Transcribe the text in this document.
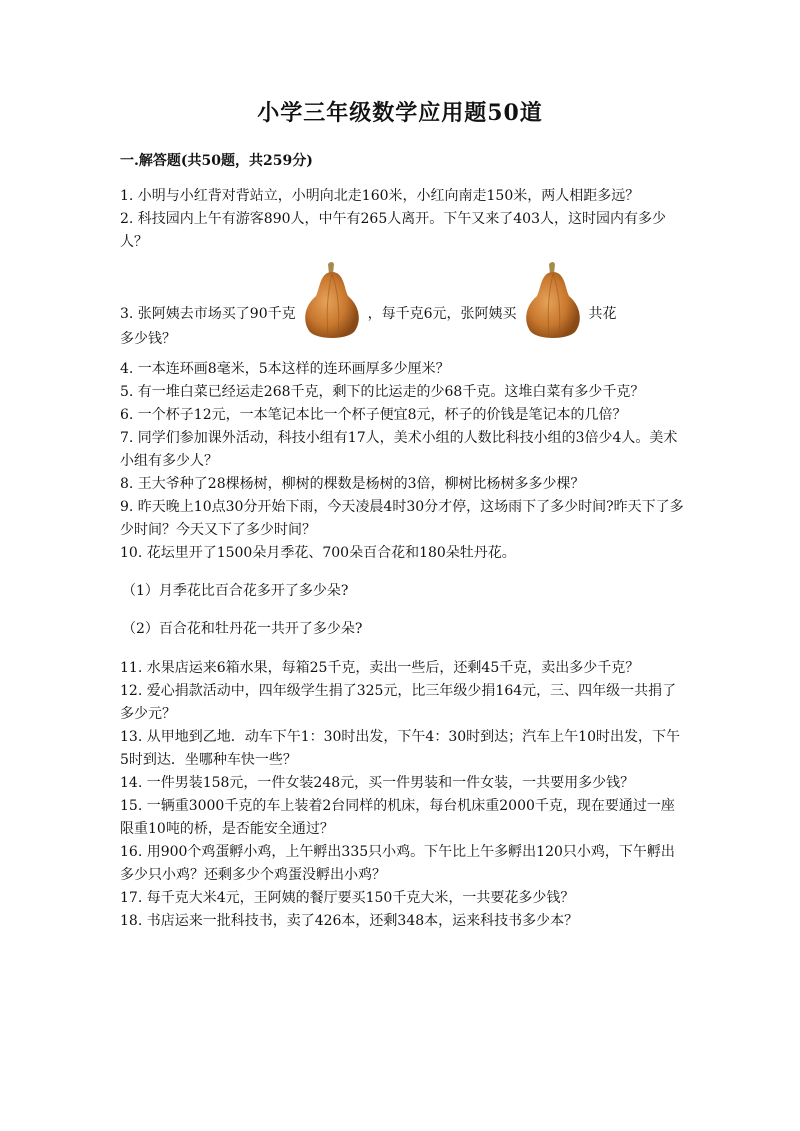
小学三年级数学应用题50道
一.解答题(共50题，共259分)

1. 小明与小红背对背站立，小明向北走160米，小红向南走150米，两人相距多远？

2. 科技园内上午有游客890人，中午有265人离开。下午又来了403人，这时园内有多少人？

3. 张阿姨去市场买了90千克	，每千克6元，张阿姨买	共花
多少钱？

4. 一本连环画8毫米，5本这样的连环画厚多少厘米？

5. 有一堆白菜已经运走268千克，剩下的比运走的少68千克。这堆白菜有多少千克？

6. 一个杯子12元，一本笔记本比一个杯子便宜8元，杯子的价钱是笔记本的几倍？

7. 同学们参加课外活动，科技小组有17人，美术小组的人数比科技小组的3倍少4人。美术小组有多少人？

8. 王大爷种了28棵杨树，柳树的棵数是杨树的3倍，柳树比杨树多多少棵？

9. 昨天晚上10点30分开始下雨，今天凌晨4时30分才停，这场雨下了多少时间?昨天下了多少时间？今天又下了多少时间？

10. 花坛里开了1500朵月季花、700朵百合花和180朵牡丹花。

（1）月季花比百合花多开了多少朵?

（2）百合花和牡丹花一共开了多少朵?

11. 水果店运来6箱水果，每箱25千克，卖出一些后，还剩45千克，卖出多少千克？

12. 爱心捐款活动中，四年级学生捐了325元，比三年级少捐164元，三、四年级一共捐了多少元？

13. 从甲地到乙地．动车下午1：30时出发，下午4：30时到达；汽车上午10时出发，下午5时到达．坐哪种车快一些？

14. 一件男装158元，一件女装248元，买一件男装和一件女装，一共要用多少钱？

15. 一辆重3000千克的车上装着2台同样的机床，每台机床重2000千克，现在要通过一座限重10吨的桥，是否能安全通过？

16. 用900个鸡蛋孵小鸡，上午孵出335只小鸡。下午比上午多孵出120只小鸡，下午孵出多少只小鸡？还剩多少个鸡蛋没孵出小鸡？

17. 每千克大米4元，王阿姨的餐厅要买150千克大米，一共要花多少钱？

18. 书店运来一批科技书，卖了426本，还剩348本，运来科技书多少本？
